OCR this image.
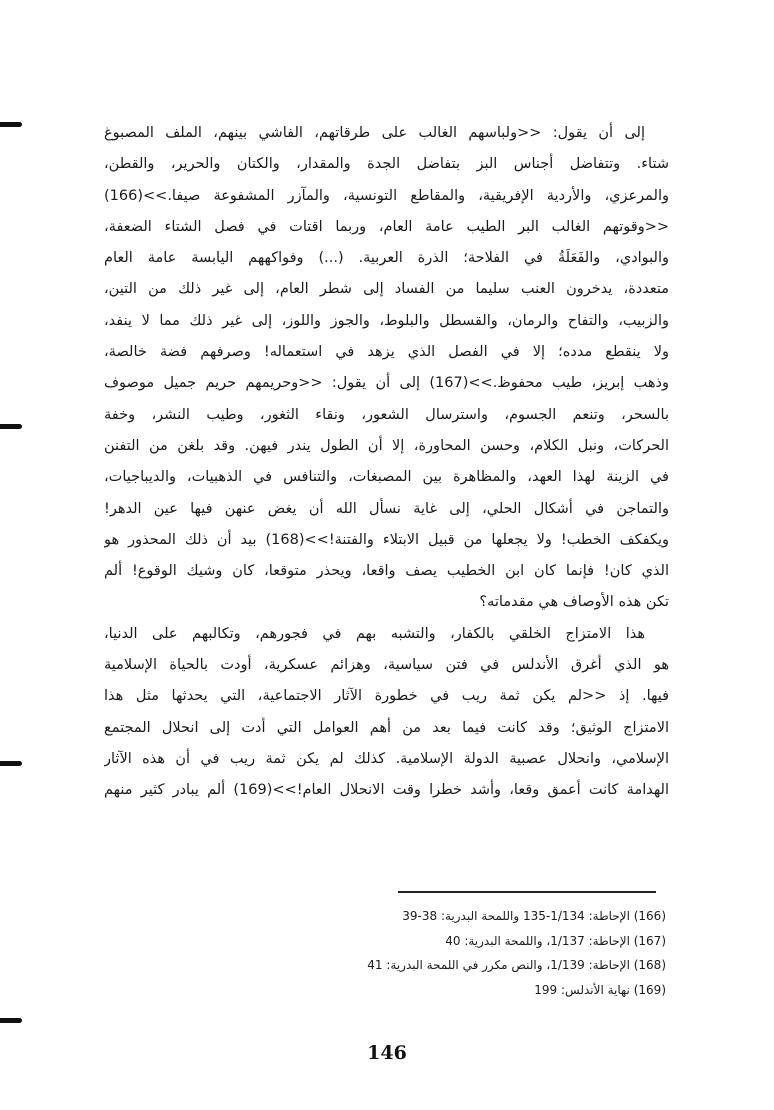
إلى أن يقول: <<ولباسهم الغالب على طرقاتهم، الفاشي بينهم، الملف المصبوغ
شتاء. وتتفاضل أجناس البز بتفاضل الجدة والمقدار، والكتان والحرير، والقطن،
والمرعزي، والأردية الإفريقية، والمقاطع التونسية، والمآزر المشفوعة صيفا.>>(166)
<<وقوتهم الغالب البر الطيب عامة العام، وربما اقتات في فصل الشتاء الضعفة،
والبوادي، والفَعَلَةُ في الفلاحة؛ الذرة العربية. (...) وفواكههم اليابسة عامة العام
متعددة، يدخرون العنب سليما من الفساد إلى شطر العام، إلى غير ذلك من التين،
والزبيب، والتفاح والرمان، والقسطل والبلوط، والجوز واللوز، إلى غير ذلك مما لا ينفد،
ولا ينقطع مدده؛ إلا في الفصل الذي يزهد في استعماله! وصرفهم فضة خالصة،
وذهب إبريز، طيب محفوظ.>>(167) إلى أن يقول: <<وحريمهم حريم جميل موصوف
بالسحر، وتنعم الجسوم، واسترسال الشعور، ونقاء الثغور، وطيب النشر، وخفة
الحركات، ونبل الكلام، وحسن المحاورة، إلا أن الطول يندر فيهن. وقد بلغن من التفنن
في الزينة لهذا العهد، والمظاهرة بين المصبغات، والتنافس في الذهبيات، والديباجيات،
والتماجن في أشكال الحلي، إلى غاية نسأل الله أن يغض عنهن فيها عين الدهر!
ويكفكف الخطب! ولا يجعلها من قبيل الابتلاء والفتنة!>>(168) بيد أن ذلك المحذور هو
الذي كان! فإنما كان ابن الخطيب يصف واقعا، ويحذر متوقعا، كان وشيك الوقوع! ألم
تكن هذه الأوصاف هي مقدماته؟
هذا الامتزاج الخلقي بالكفار، والتشبه بهم في فجورهم، وتكالبهم على الدنيا،
هو الذي أغرق الأندلس في فتن سياسية، وهزائم عسكرية، أودت بالحياة الإسلامية
فيها. إذ <<لم يكن ثمة ريب في خطورة الآثار الاجتماعية، التي يحدثها مثل هذا
الامتزاج الوثيق؛ وقد كانت فيما بعد من أهم العوامل التي أدت إلى انحلال المجتمع
الإسلامي، وانحلال عصبية الدولة الإسلامية. كذلك لم يكن ثمة ريب في أن هذه الآثار
الهدامة كانت أعمق وقعا، وأشد خطرا وقت الانحلال العام!>>(169) ألم يبادر كثير منهم
(166) الإحاطة: 1/134-135 واللمحة البدرية: 38-39
(167) الإحاطة: 1/137، واللمحة البدرية: 40
(168) الإحاطة: 1/139، والنص مكرر في اللمحة البدرية: 41
(169) نهاية الأندلس: 199
146
